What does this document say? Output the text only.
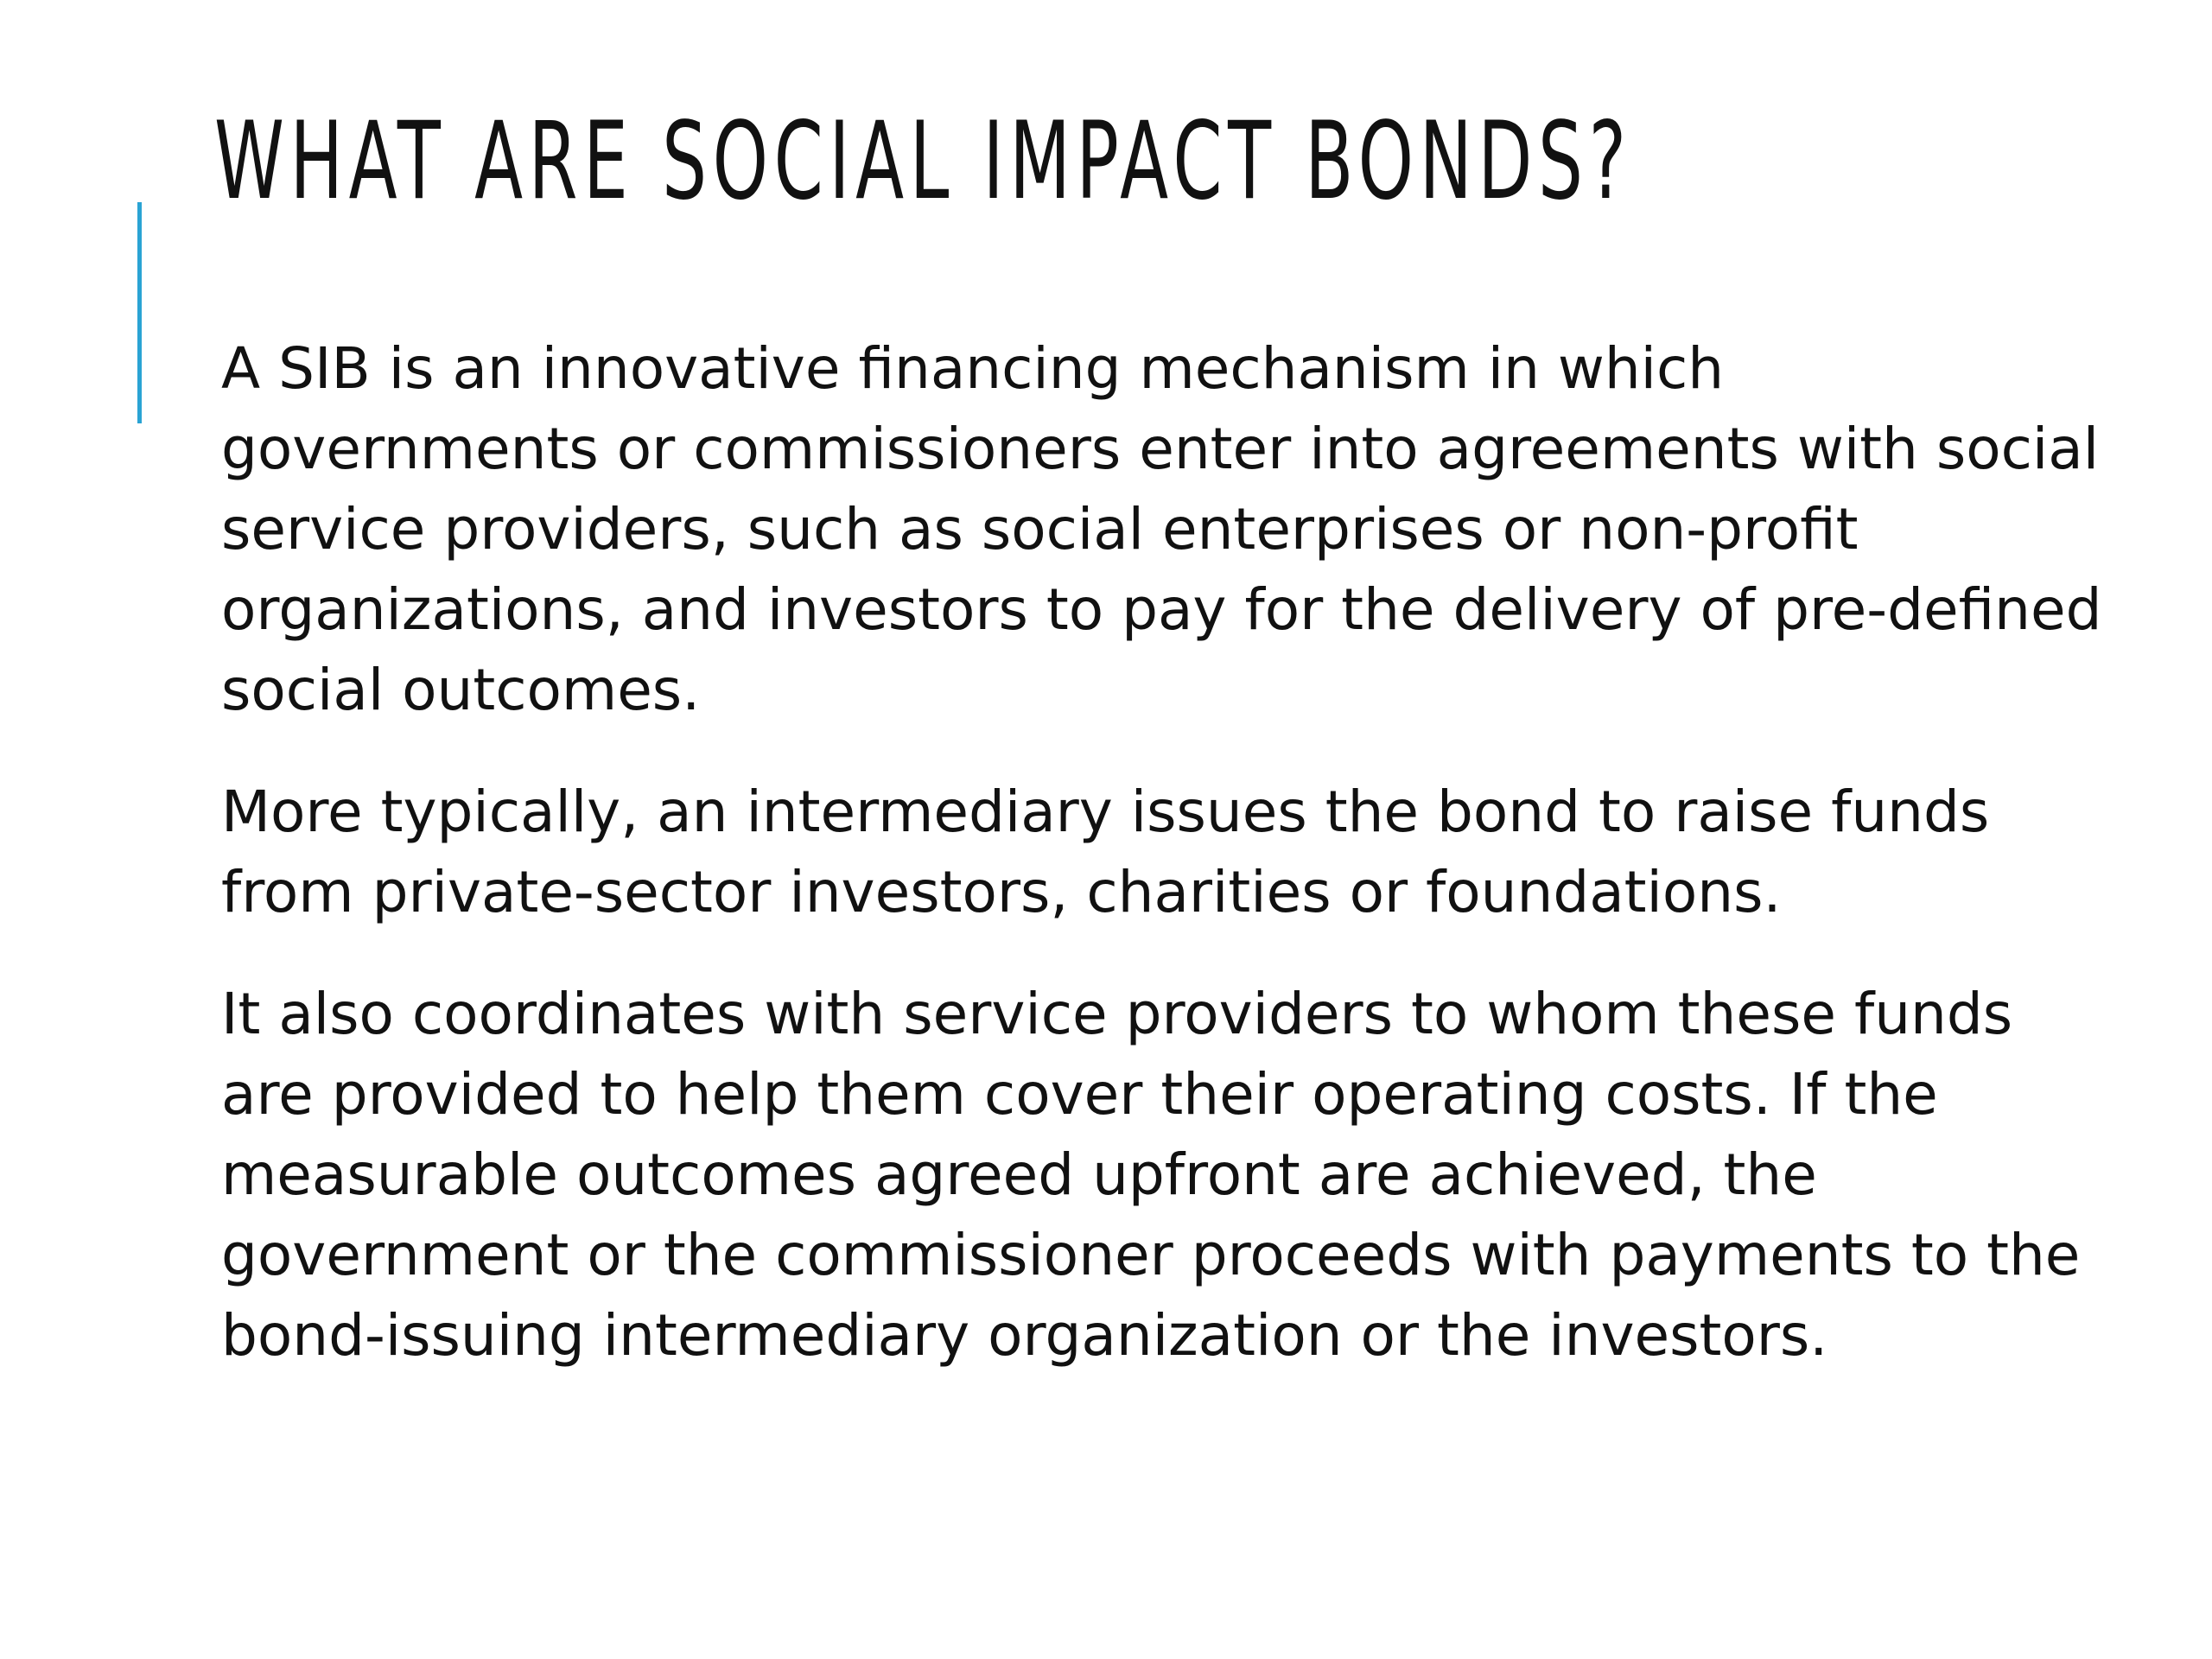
WHAT ARE SOCIAL IMPACT BONDS?

A SIB is an innovative financing mechanism in which governments or commissioners enter into agreements with social service providers, such as social enterprises or non-profit organizations, and investors to pay for the delivery of pre-defined social outcomes.

More typically, an intermediary issues the bond to raise funds from private-sector investors, charities or foundations.

It also coordinates with service providers to whom these funds are provided to help them cover their operating costs. If the measurable outcomes agreed upfront are achieved, the government or the commissioner proceeds with payments to the bond-issuing intermediary organization or the investors.
